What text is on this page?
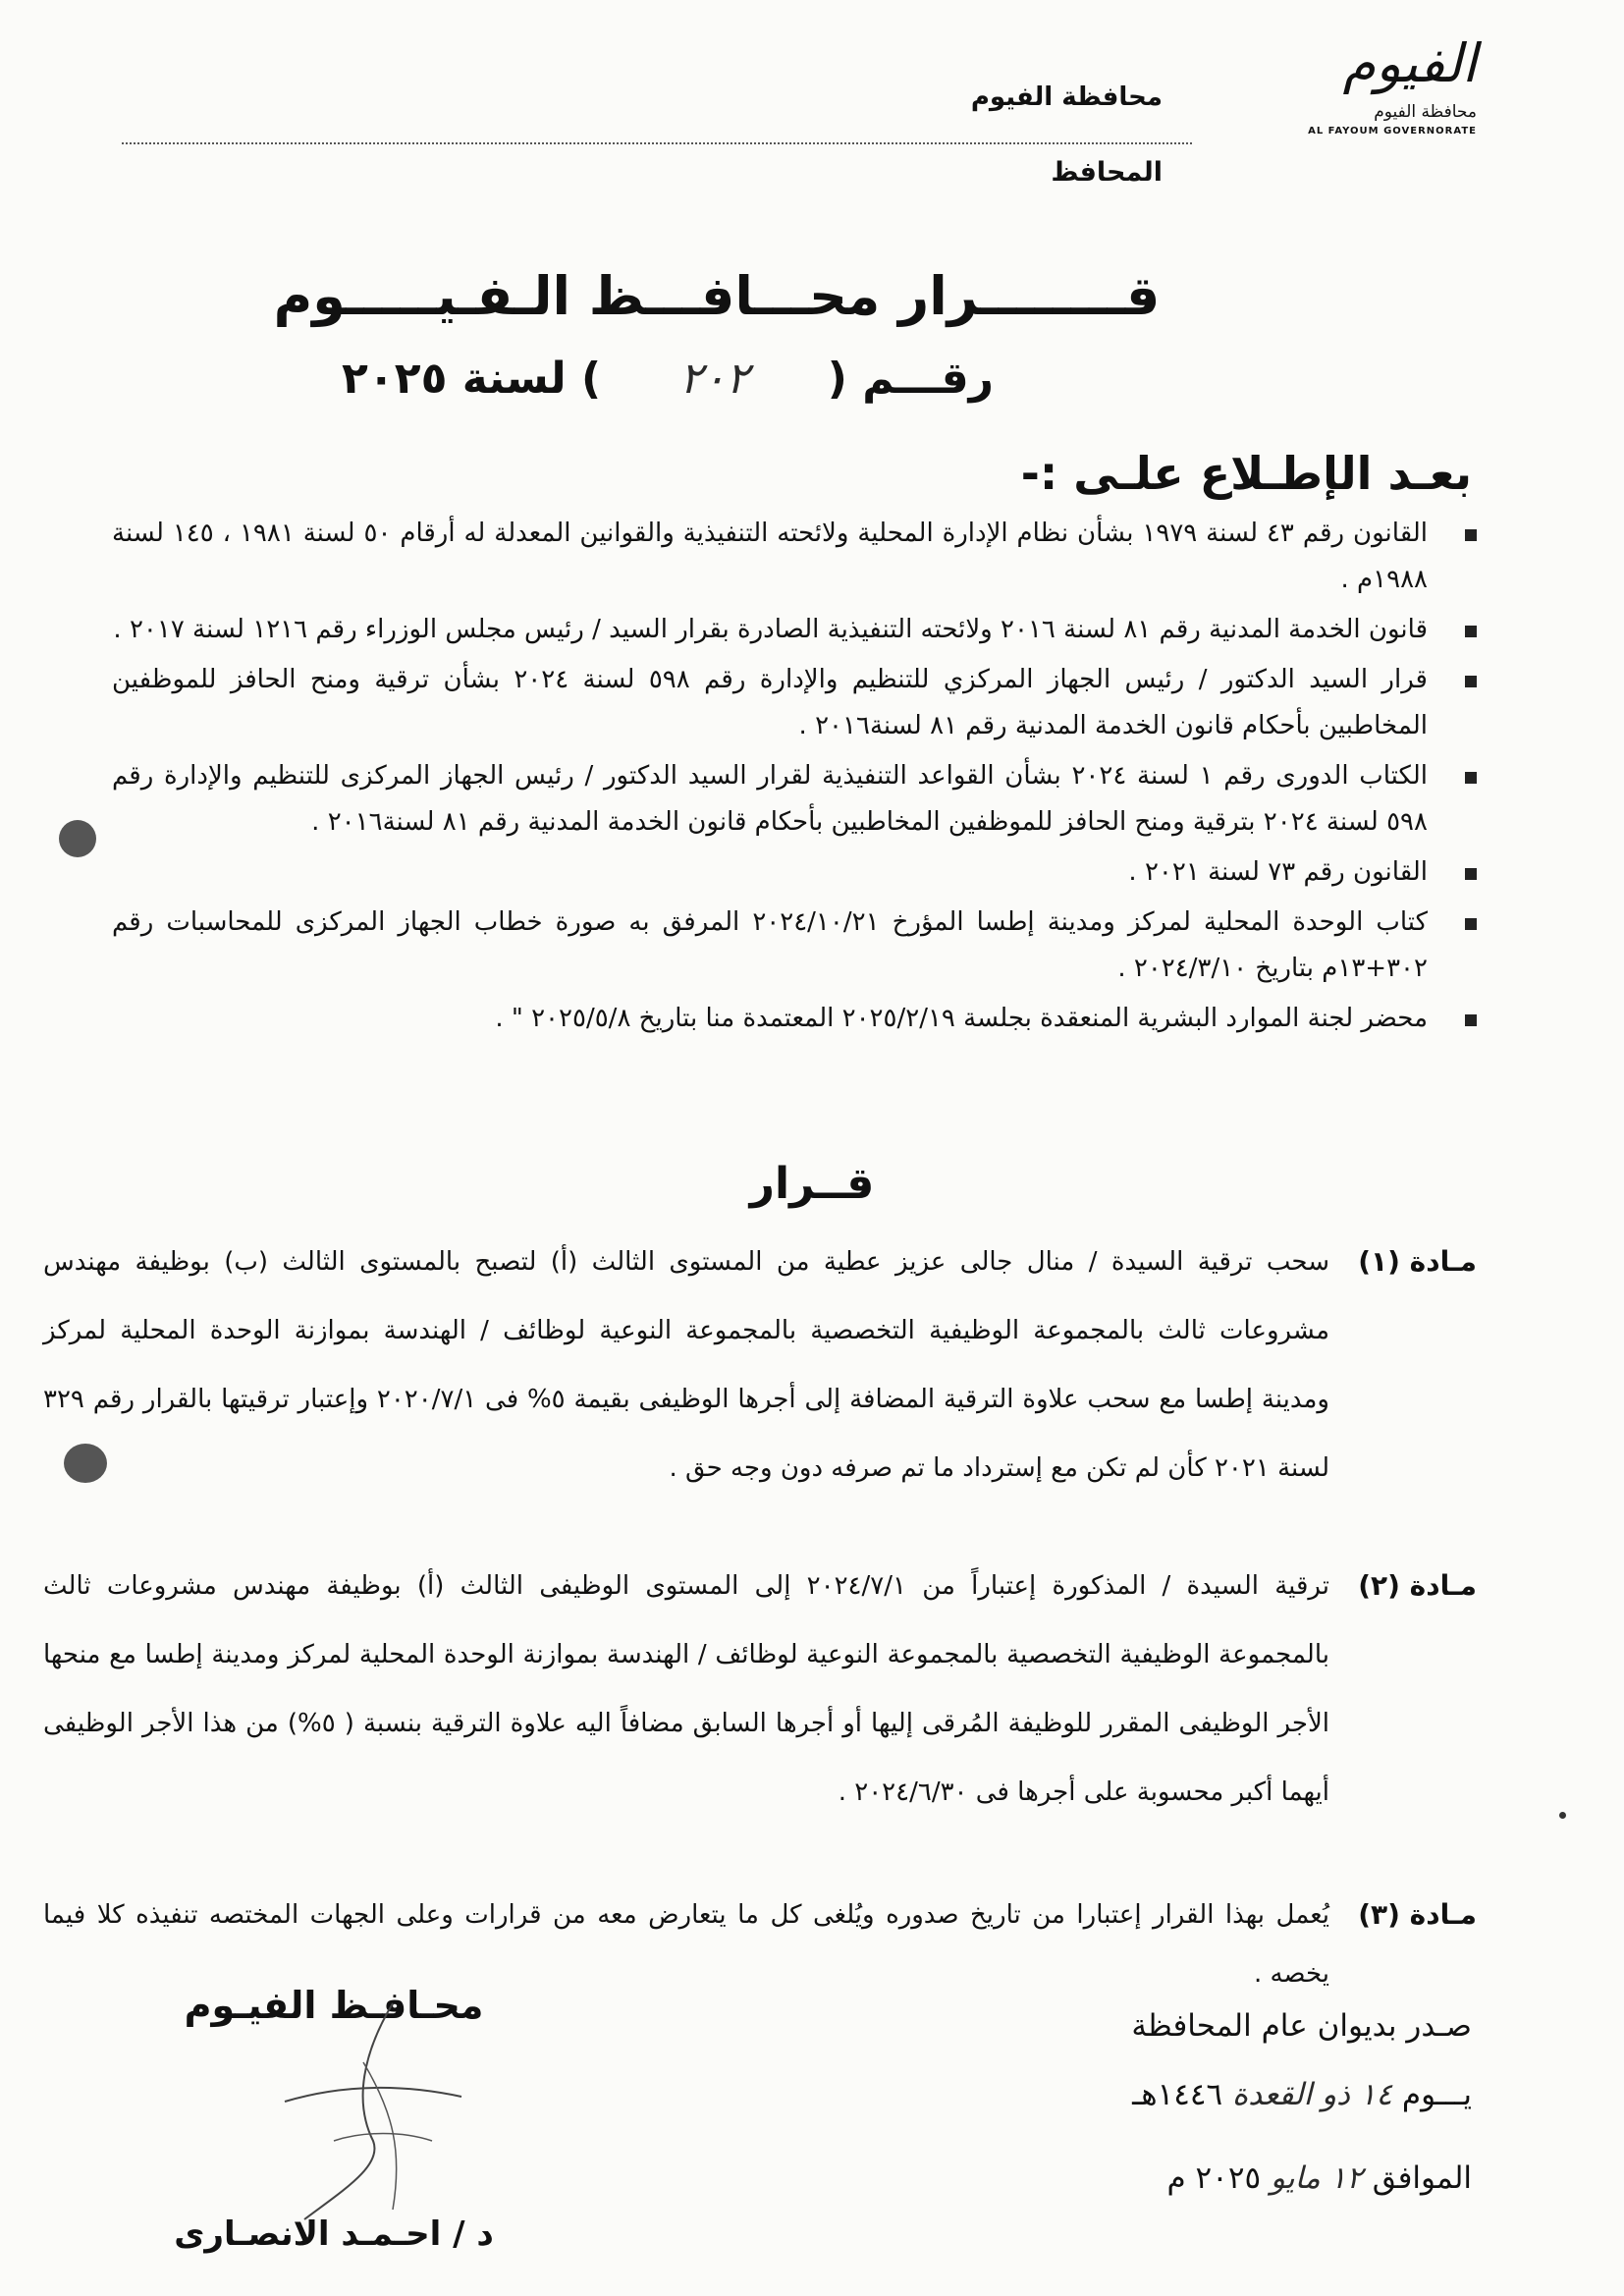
الفيوم
محافظة الفيوم
AL FAYOUM GOVERNORATE
محافظة الفيوم
المحافظ
قــــــــرار محـــافـــظ الـفـيـــــوم
رقـــم ( ٢٠٢ ) لسنة ٢٠٢٥
بعـد الإطـلاع علـى :-
القانون رقم ٤٣ لسنة ١٩٧٩ بشأن نظام الإدارة المحلية ولائحته التنفيذية والقوانين المعدلة له أرقام ٥٠ لسنة ١٩٨١ ، ١٤٥ لسنة ١٩٨٨م .
قانون الخدمة المدنية رقم ٨١ لسنة ٢٠١٦ ولائحته التنفيذية الصادرة بقرار السيد / رئيس مجلس الوزراء رقم ١٢١٦ لسنة ٢٠١٧ .
قرار السيد الدكتور / رئيس الجهاز المركزي للتنظيم والإدارة رقم ٥٩٨ لسنة ٢٠٢٤ بشأن ترقية ومنح الحافز للموظفين المخاطبين بأحكام قانون الخدمة المدنية رقم ٨١ لسنة٢٠١٦ .
الكتاب الدورى رقم ١ لسنة ٢٠٢٤ بشأن القواعد التنفيذية لقرار السيد الدكتور / رئيس الجهاز المركزى للتنظيم والإدارة رقم ٥٩٨ لسنة ٢٠٢٤ بترقية ومنح الحافز للموظفين المخاطبين بأحكام قانون الخدمة المدنية رقم ٨١ لسنة٢٠١٦ .
القانون رقم ٧٣ لسنة ٢٠٢١ .
كتاب الوحدة المحلية لمركز ومدينة إطسا المؤرخ ٢٠٢٤/١٠/٢١ المرفق به صورة خطاب الجهاز المركزى للمحاسبات رقم ٣٠٢+١٣م بتاريخ ٢٠٢٤/٣/١٠ .
محضر لجنة الموارد البشرية المنعقدة بجلسة ٢٠٢٥/٢/١٩ المعتمدة منا بتاريخ ٢٠٢٥/٥/٨ " .
قــرار
مـادة (١)
سحب ترقية السيدة / منال جالى عزيز عطية من المستوى الثالث (أ) لتصبح بالمستوى الثالث (ب) بوظيفة مهندس مشروعات ثالث بالمجموعة الوظيفية التخصصية بالمجموعة النوعية لوظائف / الهندسة بموازنة الوحدة المحلية لمركز ومدينة إطسا مع سحب علاوة الترقية المضافة إلى أجرها الوظيفى بقيمة ٥% فى ٢٠٢٠/٧/١ وإعتبار ترقيتها بالقرار رقم ٣٢٩ لسنة ٢٠٢١ كأن لم تكن مع إسترداد ما تم صرفه دون وجه حق .
مـادة (٢)
ترقية السيدة / المذكورة إعتباراً من ٢٠٢٤/٧/١ إلى المستوى الوظيفى الثالث (أ) بوظيفة مهندس مشروعات ثالث بالمجموعة الوظيفية التخصصية بالمجموعة النوعية لوظائف / الهندسة بموازنة الوحدة المحلية لمركز ومدينة إطسا مع منحها الأجر الوظيفى المقرر للوظيفة المُرقى إليها أو أجرها السابق مضافاً اليه علاوة الترقية بنسبة ( ٥%) من هذا الأجر الوظيفى أيهما أكبر محسوبة على أجرها فى ٢٠٢٤/٦/٣٠ .
مـادة (٣)
يُعمل بهذا القرار إعتبارا من تاريخ صدوره ويُلغى كل ما يتعارض معه من قرارات وعلى الجهات المختصه تنفيذه كلا فيما يخصه .
محـافـظ الفيـوم
د / احـمـد الانصـارى
صـدر بديوان عام المحافظة
يـــوم ١٤ ذو القعدة ١٤٤٦هـ
الموافق ١٢ مايو ٢٠٢٥ م
